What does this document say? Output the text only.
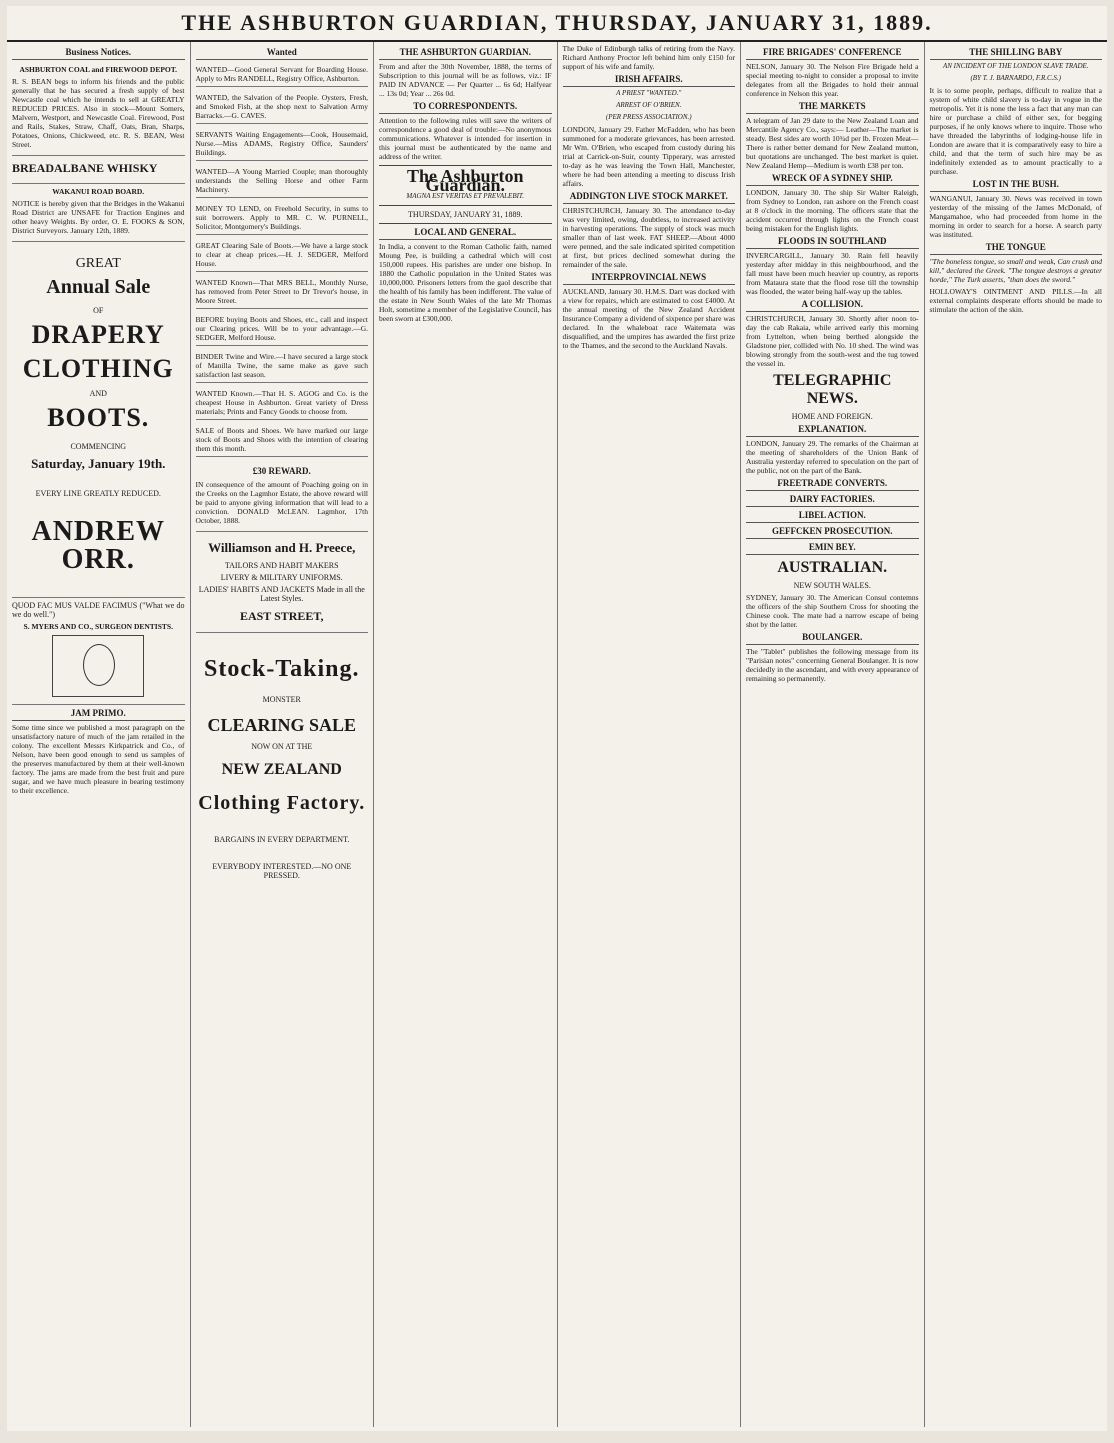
THE ASHBURTON GUARDIAN, THURSDAY, JANUARY 31, 1889.
Business Notices.

ASHBURTON COAL and FIREWOOD DEPOT.

R. S. BEAN begs to inform his friends and the public generally that he has secured a fresh supply of best Newcastle coal which he intends to sell at GREATLY REDUCED PRICES. Also in stock—Mount Somers, Malvern, Westport, and Newcastle Coal. Firewood, Post and Rails, Stakes, Straw, Chaff, Oats, Bran, Sharps, Potatoes, Onions, Chickweed, etc. R. S. BEAN, West Street.

BREADALBANE WHISKY

WAKANUI ROAD BOARD.

NOTICE is hereby given that the Bridges in the Wakanui Road District are UNSAFE for Traction Engines and other heavy Weights. By order, O. E. FOOKS & SON, District Surveyors. January 12th, 1889.

GREAT
Annual Sale
OF
DRAPERY
CLOTHING
AND
BOOTS.
COMMENCING
Saturday, January 19th.
EVERY LINE GREATLY REDUCED.
ANDREW ORR.

QUOD FAC MUS VALDE FACIMUS ("What we do we do well.")

S. MYERS AND CO., SURGEON DENTISTS.

JAM PRIMO.

Some time since we published a most paragraph on the unsatisfactory nature of much of the jam retailed in the colony. The excellent Messrs Kirkpatrick and Co., of Nelson, have been good enough to send us samples of the preserves manufactured by them at their well-known factory. The jams are made from the best fruit and pure sugar, and we have much pleasure in bearing testimony to their excellence.

Wanted

WANTED—Good General Servant for Boarding House. Apply to Mrs RANDELL, Registry Office, Ashburton.

WANTED, the Salvation of the People. Oysters, Fresh, and Smoked Fish, at the shop next to Salvation Army Barracks.—G. CAVES.

SERVANTS Waiting Engagements—Cook, Housemaid, Nurse.—Miss ADAMS, Registry Office, Saunders' Buildings.

WANTED—A Young Married Couple; man thoroughly understands the Selling Horse and other Farm Machinery.

MONEY TO LEND, on Freehold Security, in sums to suit borrowers. Apply to MR. C. W. PURNELL, Solicitor, Montgomery's Buildings.

GREAT Clearing Sale of Boots.—We have a large stock to clear at cheap prices.—H. J. SEDGER, Melford House.

WANTED Known—That MRS BELL, Monthly Nurse, has removed from Peter Street to Dr Trevor's house, in Moore Street.

BEFORE buying Boots and Shoes, etc., call and inspect our Clearing prices. Will be to your advantage.—G. SEDGER, Melford House.

BINDER Twine and Wire.—I have secured a large stock of Manilla Twine, the same make as gave such satisfaction last season.

WANTED Known.—That H. S. AGOG and Co. is the cheapest House in Ashburton. Great variety of Dress materials; Prints and Fancy Goods to choose from.

SALE of Boots and Shoes. We have marked our large stock of Boots and Shoes with the intention of clearing them this month.

£30 REWARD.

IN consequence of the amount of Poaching going on in the Creeks on the Lagmhor Estate, the above reward will be paid to anyone giving information that will lead to a conviction. DONALD McLEAN. Lagmhor, 17th October, 1888.

Williamson and H. Preece,
TAILORS AND HABIT MAKERS
LIVERY & MILITARY UNIFORMS.
LADIES' HABITS AND JACKETS Made in all the Latest Styles.
EAST STREET,
Stock-Taking.
MONSTER
CLEARING SALE
NOW ON AT THE
NEW ZEALAND
Clothing Factory.
BARGAINS IN EVERY DEPARTMENT.
EVERYBODY INTERESTED.—NO ONE PRESSED.
THE ASHBURTON GUARDIAN.

From and after the 30th November, 1888, the terms of Subscription to this journal will be as follows, viz.: IF PAID IN ADVANCE — Per Quarter ... 6s 6d; Halfyear ... 13s 0d; Year ... 26s 0d.

TO CORRESPONDENTS.

Attention to the following rules will save the writers of correspondence a good deal of trouble:—No anonymous communications. Whatever is intended for insertion in this journal must be authenticated by the name and address of the writer.

The Ashburton Guardian.
MAGNA EST VERITAS ET PREVALEBIT.
THURSDAY, JANUARY 31, 1889.
LOCAL AND GENERAL.

In India, a convent to the Roman Catholic faith, named Moung Pee, is building a cathedral which will cost 150,000 rupees. His parishes are under one bishop. In 1880 the Catholic population in the United States was 10,000,000. Prisoners letters from the gaol describe that the health of his family has been indifferent. The value of the estate in New South Wales of the late Mr Thomas Holt, sometime a member of the Legislative Council, has been sworn at £300,000.

The Duke of Edinburgh talks of retiring from the Navy. Richard Anthony Proctor left behind him only £150 for support of his wife and family.

IRISH AFFAIRS.
A PRIEST "WANTED."
ARREST OF O'BRIEN.
(PER PRESS ASSOCIATION.)

LONDON, January 29. Father McFadden, who has been summoned for a moderate grievances, has been arrested. Mr Wm. O'Brien, who escaped from custody during his trial at Carrick-on-Suir, county Tipperary, was arrested to-day as he was leaving the Town Hall, Manchester, where he had been attending a meeting to discuss Irish affairs.

ADDINGTON LIVE STOCK MARKET.

CHRISTCHURCH, January 30. The attendance to-day was very limited, owing, doubtless, to increased activity in harvesting operations. The supply of stock was much smaller than of last week. FAT SHEEP.—About 4000 were penned, and the sale indicated spirited competition at first, but prices declined somewhat during the remainder of the sale.

INTERPROVINCIAL NEWS

AUCKLAND, January 30. H.M.S. Dart was docked with a view for repairs, which are estimated to cost £4000. At the annual meeting of the New Zealand Accident Insurance Company a dividend of sixpence per share was declared. In the whaleboat race Waitemata was disqualified, and the umpires has awarded the first prize to the Thames, and the second to the Auckland Navals.

FIRE BRIGADES' CONFERENCE

NELSON, January 30. The Nelson Fire Brigade held a special meeting to-night to consider a proposal to invite delegates from all the Brigades to hold their annual conference in Nelson this year.

THE MARKETS

A telegram of Jan 29 date to the New Zealand Loan and Mercantile Agency Co., says:— Leather—The market is steady. Best sides are worth 10¾d per lb. Frozen Meat—There is rather better demand for New Zealand mutton, but quotations are unchanged. The best market is quiet. New Zealand Hemp—Medium is worth £38 per ton.

WRECK OF A SYDNEY SHIP.

LONDON, January 30. The ship Sir Walter Raleigh, from Sydney to London, ran ashore on the French coast at 8 o'clock in the morning. The officers state that the accident occurred through lights on the French coast being mistaken for the English lights.

FLOODS IN SOUTHLAND

INVERCARGILL, January 30. Rain fell heavily yesterday after midday in this neighbourhood, and the fall must have been much heavier up country, as reports from Mataura state that the flood rose till the township was flooded, the water being half-way up the tables.

A COLLISION.

CHRISTCHURCH, January 30. Shortly after noon to-day the cab Rakaia, while arrived early this morning from Lyttelton, when being berthed alongside the Gladstone pier, collided with No. 10 shed. The wind was blowing strongly from the south-west and the tug towed the vessel in.

TELEGRAPHIC NEWS.
HOME AND FOREIGN.
EXPLANATION.

LONDON, January 29. The remarks of the Chairman at the meeting of shareholders of the Union Bank of Australia yesterday referred to speculation on the part of the public, not on the part of the Bank.

FREETRADE CONVERTS.
DAIRY FACTORIES.
LIBEL ACTION.
GEFFCKEN PROSECUTION.
EMIN BEY.
AUSTRALIAN.
NEW SOUTH WALES.

SYDNEY, January 30. The American Consul contemns the officers of the ship Southern Cross for shooting the Chinese cook. The mate had a narrow escape of being shot by the latter.

BOULANGER.

The "Tablet" publishes the following message from its "Parisian notes" concerning General Boulanger. It is now decidedly in the ascendant, and with every appearance of remaining so permanently.

THE SHILLING BABY
AN INCIDENT OF THE LONDON SLAVE TRADE.
(BY T. J. BARNARDO, F.R.C.S.)

It is to some people, perhaps, difficult to realize that a system of white child slavery is to-day in vogue in the metropolis. Yet it is none the less a fact that any man can hire or purchase a child of either sex, for begging purposes, if he only knows where to inquire. Those who have threaded the labyrinths of lodging-house life in London are aware that it is comparatively easy to hire a child, and that the term of such hire may be as indefinitely extended as to amount practically to a purchase.

LOST IN THE BUSH.

WANGANUI, January 30. News was received in town yesterday of the missing of the James McDonald, of Mangamahoe, who had proceeded from home in the morning in order to search for a horse. A search party was instituted.

THE TONGUE

"The boneless tongue, so small and weak, Can crush and kill," declared the Greek. "The tongue destroys a greater horde," The Turk asserts, "than does the sword."

HOLLOWAY'S OINTMENT AND PILLS.—In all external complaints desperate efforts should be made to stimulate the action of the skin.
